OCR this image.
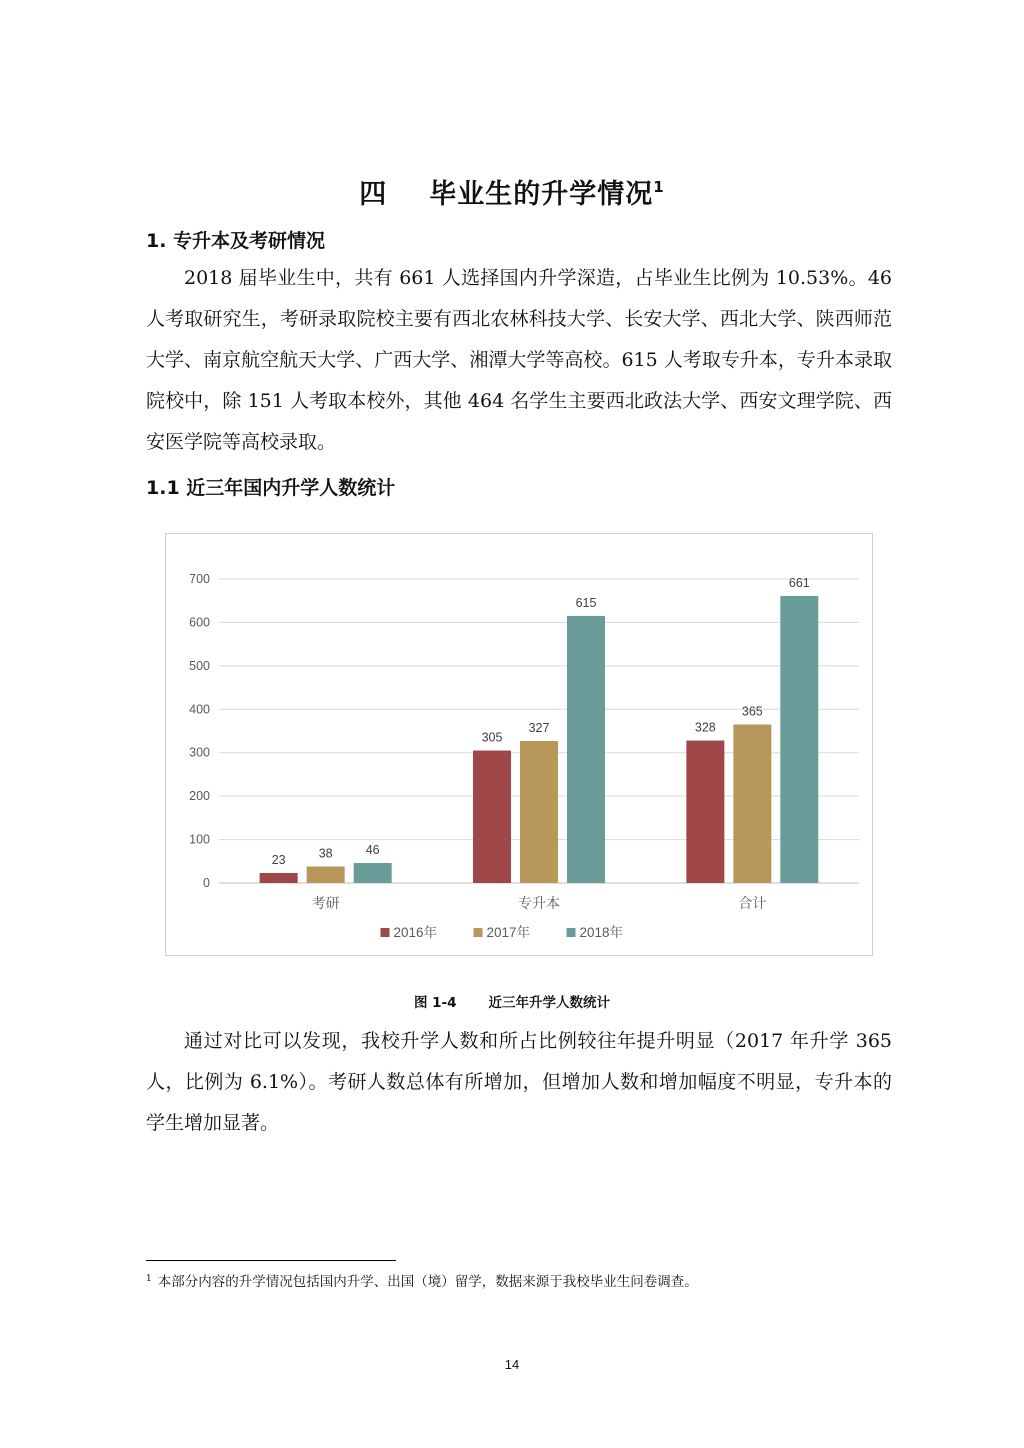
四 毕业生的升学情况$^1$
1. 专升本及考研情况

2018 届毕业生中，共有 661 人选择国内升学深造，占毕业生比例为 10.53%。46 人考取研究生，考研录取院校主要有西北农林科技大学、长安大学、西北大学、陕西师范大学、南京航空航天大学、广西大学、湘潭大学等高校。615 人考取专升本，专升本录取院校中，除 151 人考取本校外，其他 464 名学生主要西北政法大学、西安文理学院、西安医学院等高校录取。

1.1 近三年国内升学人数统计
0
100
200
300
400
500
600
700
23	38	46
考研
305
327
615
专升本
328
365
661
合计
2016年	2017年	2018年
图 1-4 近三年升学人数统计

通过对比可以发现，我校升学人数和所占比例较往年提升明显（2017 年升学 365 人，比例为 6.1%）。考研人数总体有所增加，但增加人数和增加幅度不明显，专升本的学生增加显著。

$^1$ 本部分内容的升学情况包括国内升学、出国（境）留学，数据来源于我校毕业生问卷调查。
14
